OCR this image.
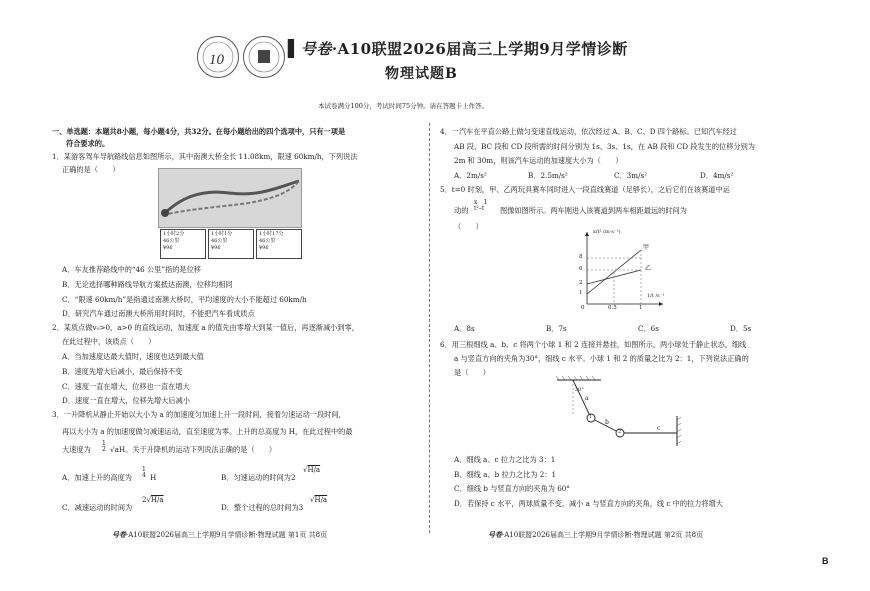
10
▌号卷·A10联盟2026届高三上学期9月学情诊断
物理试题B
本试卷满分100分，考试时间75分钟。请在答题卡上作答。
一、单选题：本题共8小题，每小题4分，共32分。在每小题给出的四个选项中，只有一项是
符合要求的。
1．某游客驾车导航路线信息如图所示，其中南澳大桥全长 11.08km，限速 60km/h，下列说法
正确的是（　　）
1小时2分
46公里
¥96
1小时1分
46公里
¥96
1小时17分
46公里
¥96
A．车友推荐路线中的“46 公里”指的是位移
B．无论选择哪种路线导航方案抵达南澳，位移均相同
C．“限速 60km/h”是指通过南澳大桥时，平均速度的大小不能超过 60km/h
D．研究汽车通过南澳大桥所用时间时，不能把汽车看成质点
2．某质点做v₀>0，a>0 的直线运动，加速度 a 的值先由零增大到某一值后，再逐渐减小到零，
在此过程中，该质点（　　）
A．当加速度达最大值时，速度也达到最大值
B．速度先增大后减小，最后保持不变
C．速度一直在增大，位移也一直在增大
D．速度一直在增大，位移先增大后减小
3．一升降机从静止开始以大小为 a 的加速度匀加速上升一段时间，接着匀速运动一段时间，
再以大小为 a 的加速度做匀减速运动，直至速度为零。上升的总高度为 H，在此过程中的最
大速度为
1
2 √aH。关于升降机的运动下列说法正确的是（　　）
A．加速上升的高度为
1
4 H	B．匀速运动的时间为2
√H/a
C．减速运动的时间为
2√H/a
D．整个过程的总时间为3
√H/a
号卷·A10联盟2026届高三上学期9月学情诊断·物理试题 第1页 共8页
4．一汽车在平直公路上做匀变速直线运动，依次经过 A、B、C、D 四个路标。已知汽车经过
AB 段、BC 段和 CD 段所需的时间分别为 1s、3s、1s，在 AB 段和 CD 段发生的位移分别为
2m 和 30m，则该汽车运动的加速度大小为（　　）
A．2m/s²	B．2.5m/s²	C．3m/s²	D．4m/s²
5．t=0 时刻，甲、乙两玩具赛车同时进入一段直线赛道（足够长），之后它们在该赛道中运
动的
x　1
t²–t	图像如图所示。两车刚进入该赛道到两车相距最远的时间为
（　　）
x/t² (m·s⁻²)
8
6
2
1
0	0.5	1
1/t /s⁻¹
甲
乙
A．8s	B．7s	C．6s	D．5s
6．用三根细线 a、b、c 将两个小球 1 和 2 连接并悬挂，如图所示，两小球处于静止状态，细线
a 与竖直方向的夹角为30°，细线 c 水平。小球 1 和 2 的质量之比为 2：1，下列说法正确的
是（　　）
30°
a
1
b
2	c
A．细线 a、c 拉力之比为 3：1
B．细线 a、b 拉力之比为 2：1
C．细线 b 与竖直方向的夹角为 60°
D．若保持 c 水平，两球质量不变，减小 a 与竖直方向的夹角，线 c 中的拉力将增大
号卷·A10联盟2026届高三上学期9月学情诊断·物理试题 第2页 共8页
B
